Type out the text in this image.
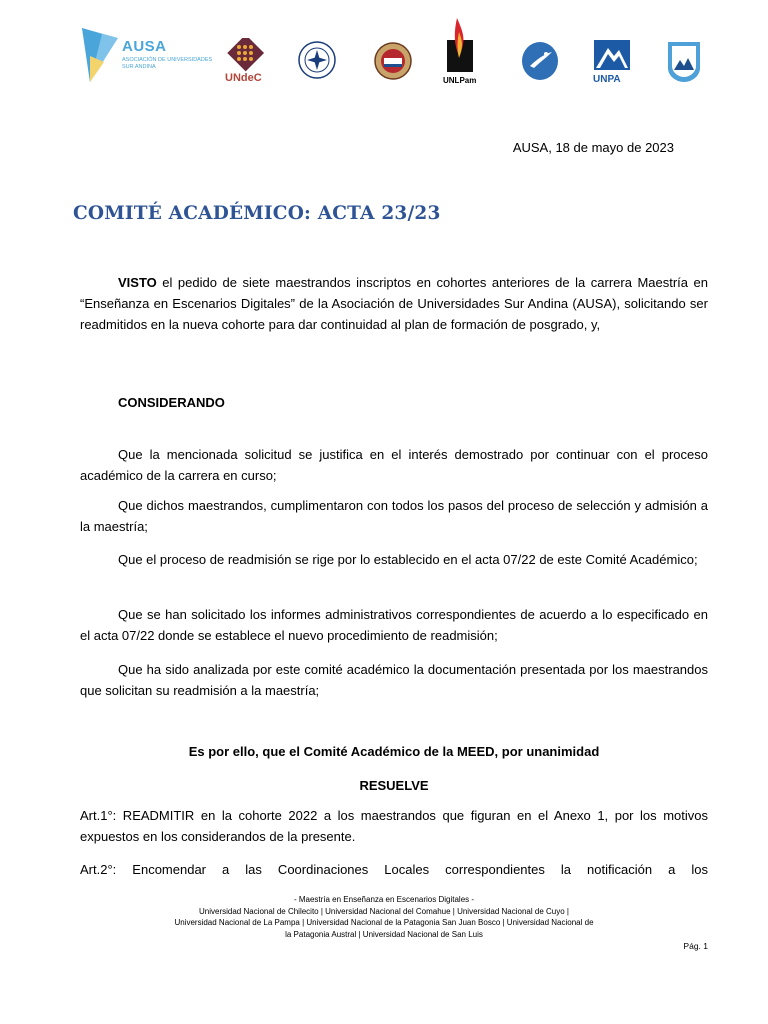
AUSA
ASOCIACIÓN DE UNIVERSIDADES SUR ANDINA
UNdeC	UNLPam	UNPA
AUSA, 18 de mayo de 2023
COMITÉ ACADÉMICO: ACTA 23/23

VISTO el pedido de siete maestrandos inscriptos en cohortes anteriores de la carrera Maestría en “Enseñanza en Escenarios Digitales” de la Asociación de Universidades Sur Andina (AUSA), solicitando ser readmitidos en la nueva cohorte para dar continuidad al plan de formación de posgrado, y,

CONSIDERANDO

Que la mencionada solicitud se justifica en el interés demostrado por continuar con el proceso académico de la carrera en curso;

Que dichos maestrandos, cumplimentaron con todos los pasos del proceso de selección y admisión a la maestría;

Que el proceso de readmisión se rige por lo establecido en el acta 07/22 de este Comité Académico;

Que se han solicitado los informes administrativos correspondientes de acuerdo a lo especificado en el acta 07/22 donde se establece el nuevo procedimiento de readmisión;

Que ha sido analizada por este comité académico la documentación presentada por los maestrandos que solicitan su readmisión a la maestría;

Es por ello, que el Comité Académico de la MEED, por unanimidad
RESUELVE

Art.1°: READMITIR en la cohorte 2022 a los maestrandos que figuran en el Anexo 1, por los motivos expuestos en los considerandos de la presente.

Art.2°: Encomendar a las Coordinaciones Locales correspondientes la notificación a los

- Maestría en Enseñanza en Escenarios Digitales -
Universidad Nacional de Chilecito | Universidad Nacional del Comahue | Universidad Nacional de Cuyo |
Universidad Nacional de La Pampa | Universidad Nacional de la Patagonia San Juan Bosco | Universidad Nacional de
la Patagonia Austral | Universidad Nacional de San Luis
Pág. 1
